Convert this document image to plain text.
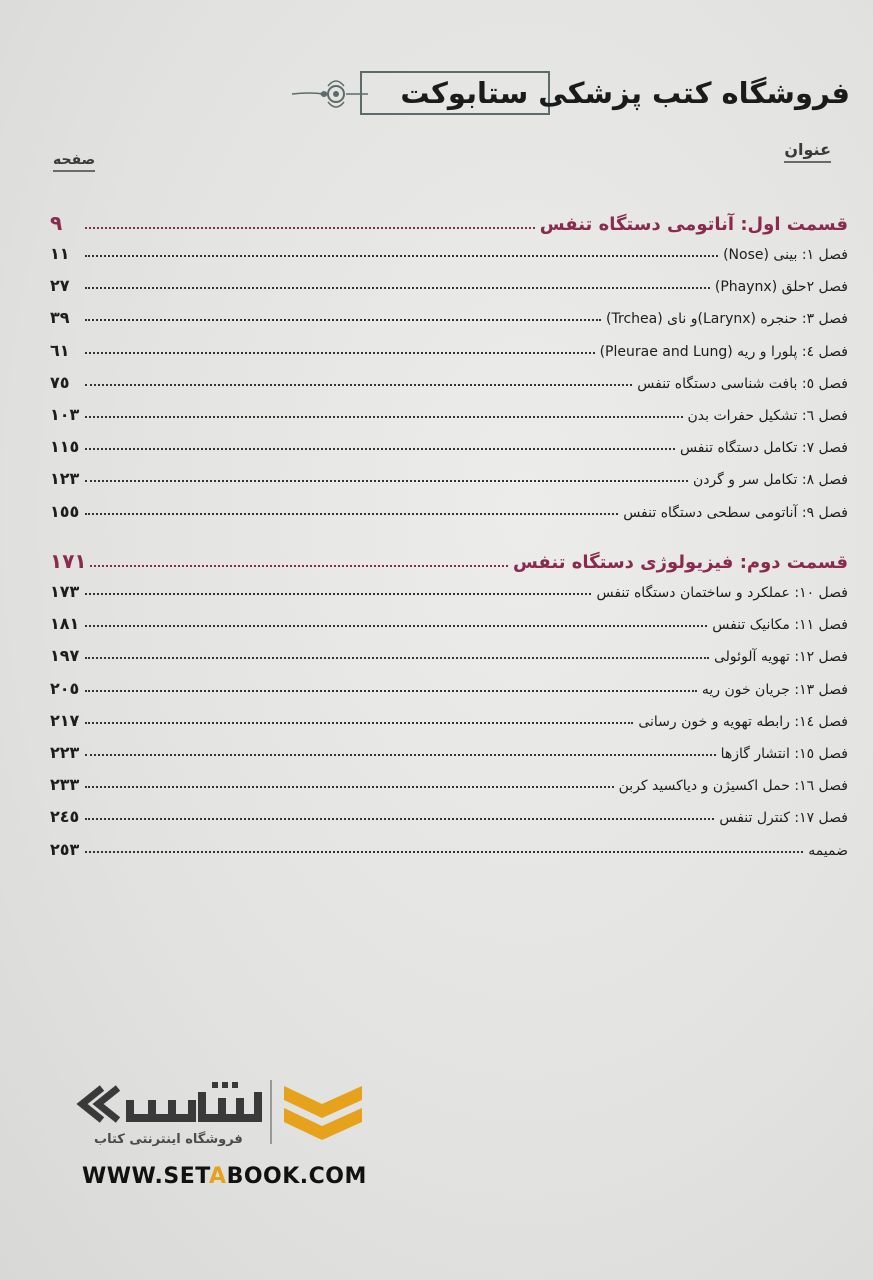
فروشگاه کتب پزشکی ستابوکت
عنوان
صفحه
قسمت اول: آناتومی دستگاه تنفس
۹
فصل ۱: بینی (Nose)
۱۱
فصل ۲حلق (Phaynx)
۲۷
فصل ۳: حنجره (Larynx)و نای (Trchea)
۳۹
فصل ٤: پلورا و ریه (Pleurae and Lung)
٦١
فصل ٥: بافت شناسی دستگاه تنفس
٧٥
فصل ٦: تشکیل حفرات بدن
۱۰۳
فصل ٧: تکامل دستگاه تنفس
۱۱٥
فصل ۸: تکامل سر و گردن
۱۲۳
فصل ۹: آناتومی سطحی دستگاه تنفس
۱٥٥
قسمت دوم: فیزیولوژی دستگاه تنفس
۱٧۱
فصل ۱۰: عملکرد و ساختمان دستگاه تنفس
۱٧۳
فصل ۱۱: مکانیک تنفس
۱۸۱
فصل ۱۲: تهویه آلوئولی
۱۹٧
فصل ۱۳: جریان خون ریه
۲۰٥
فصل ۱٤: رابطه تهویه و خون رسانی
۲۱٧
فصل ۱٥: انتشار گازها
۲۲۳
فصل ۱٦: حمل اکسیژن و دیاکسید کربن
۲۳۳
فصل ۱٧: کنترل تنفس
۲٤٥
ضمیمه
۲٥۳
فروشگاه اینترنتی کتاب
WWW.SETABOOK.COM
